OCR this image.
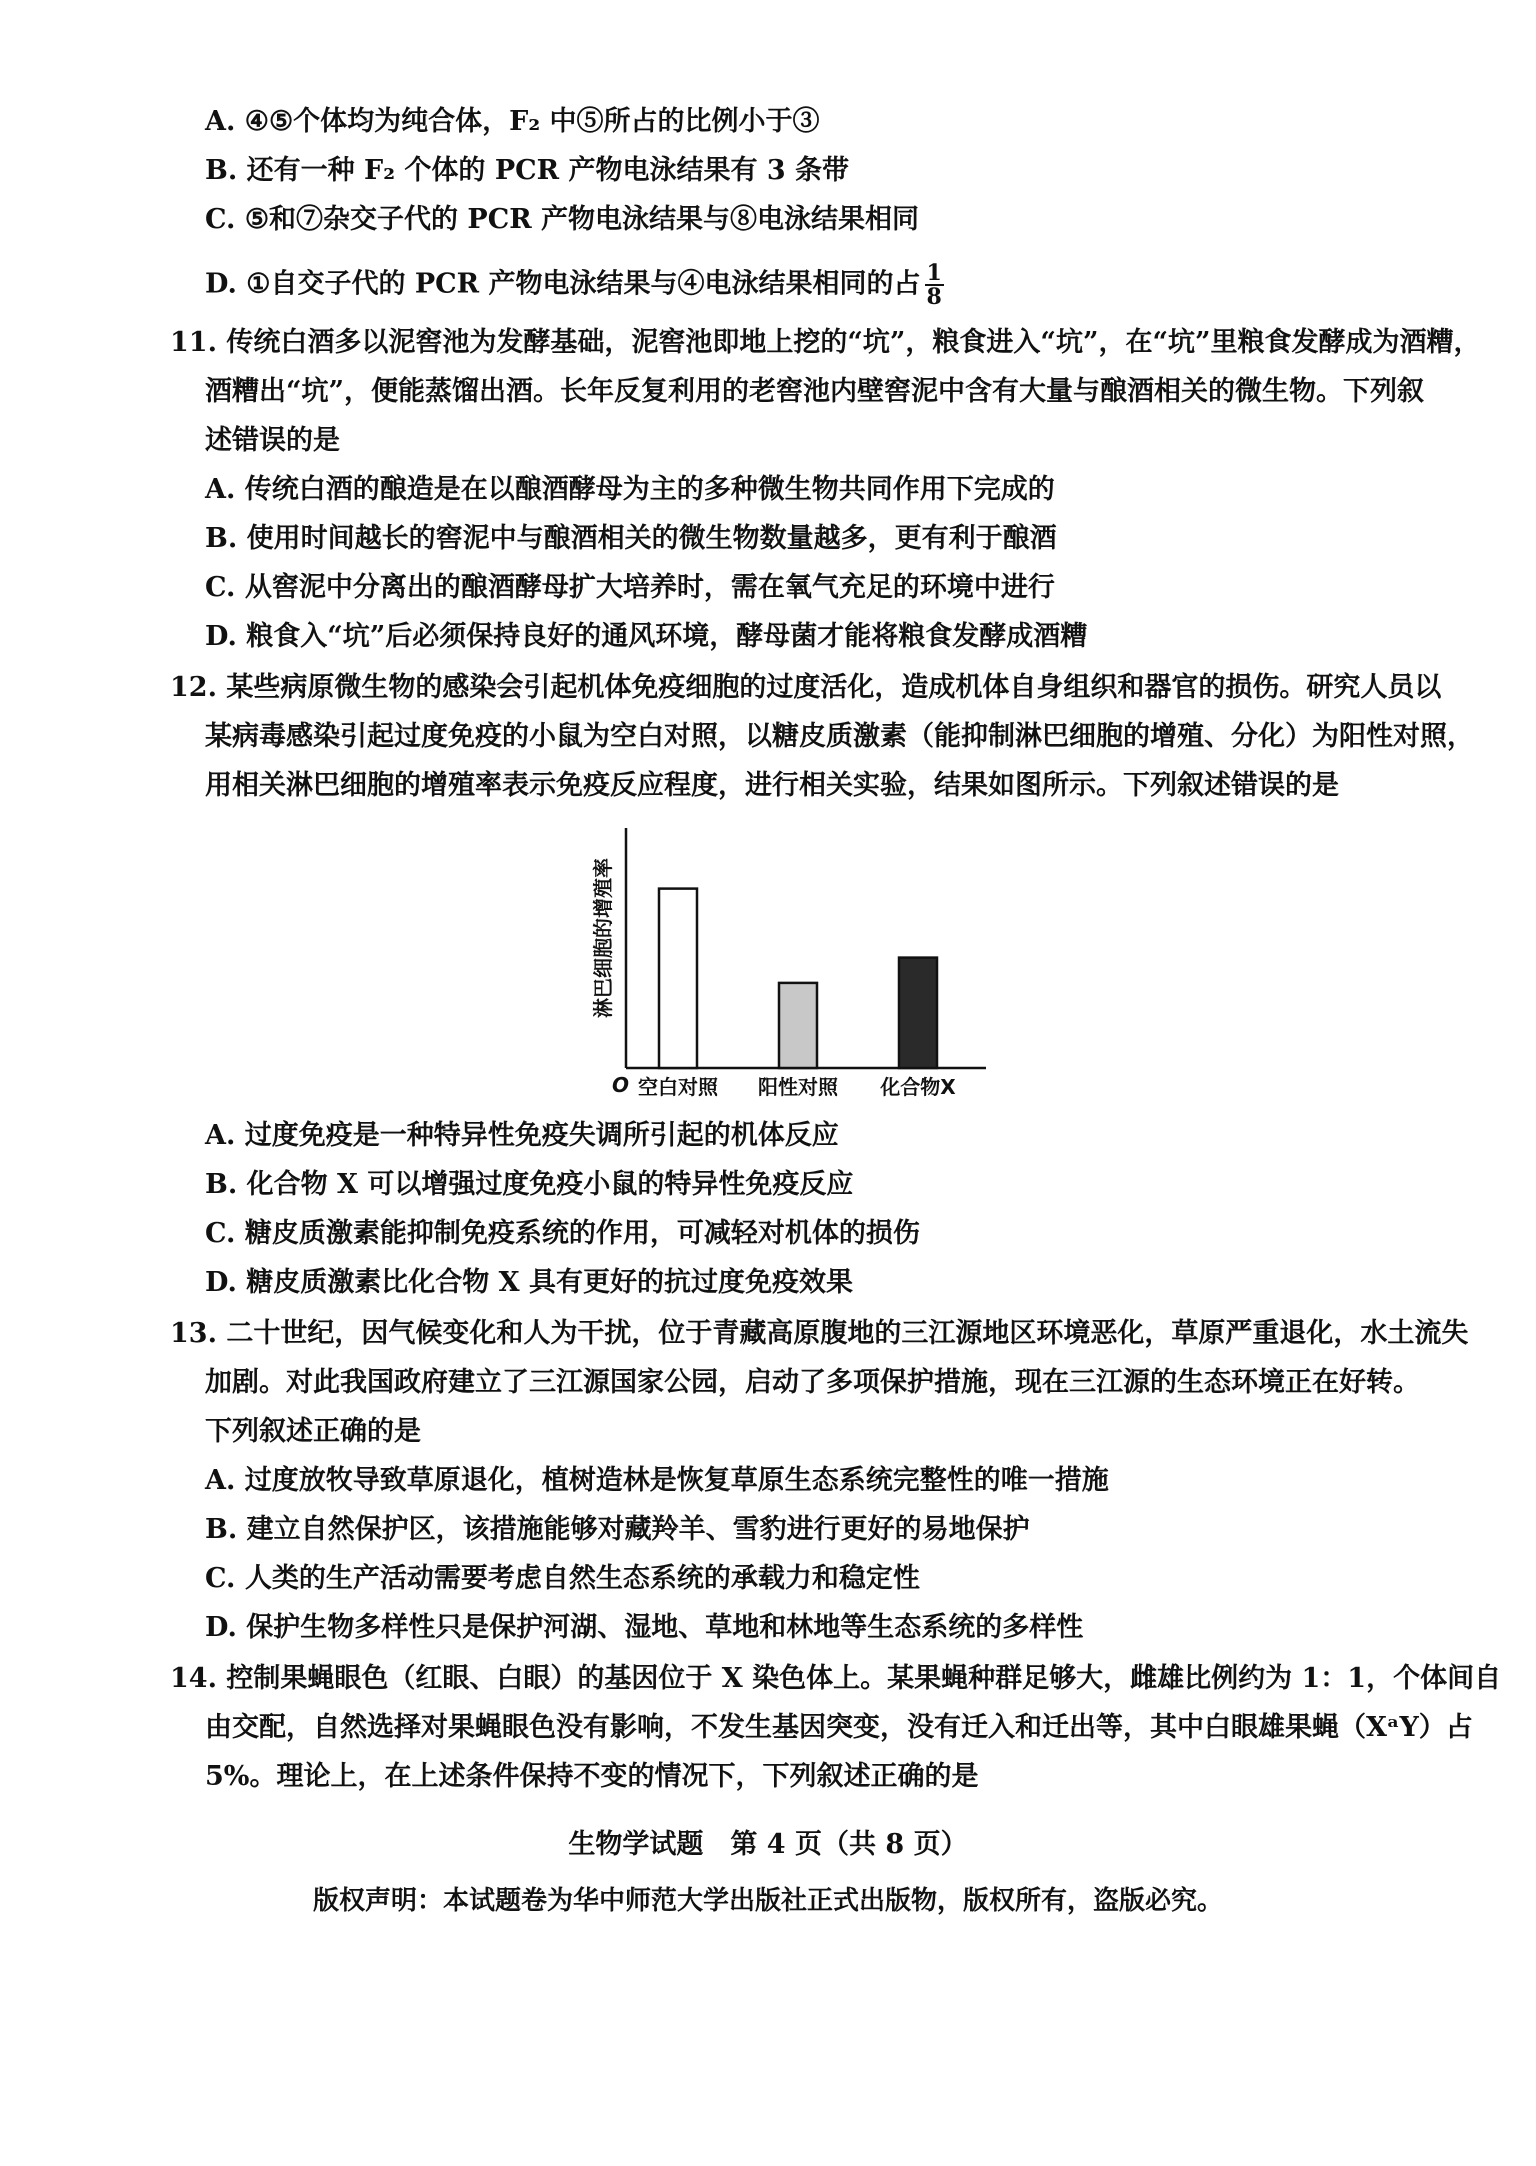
A. ④⑤个体均为纯合体，F₂ 中⑤所占的比例小于③
B. 还有一种 F₂ 个体的 PCR 产物电泳结果有 3 条带
C. ⑤和⑦杂交子代的 PCR 产物电泳结果与⑧电泳结果相同
D. ①自交子代的 PCR 产物电泳结果与④电泳结果相同的占 $\frac{1}{8}$
11. 传统白酒多以泥窖池为发酵基础，泥窖池即地上挖的“坑”，粮食进入“坑”，在“坑”里粮食发酵成为酒糟，
酒糟出“坑”，便能蒸馏出酒。长年反复利用的老窖池内壁窖泥中含有大量与酿酒相关的微生物。下列叙
述错误的是
A. 传统白酒的酿造是在以酿酒酵母为主的多种微生物共同作用下完成的
B. 使用时间越长的窖泥中与酿酒相关的微生物数量越多，更有利于酿酒
C. 从窖泥中分离出的酿酒酵母扩大培养时，需在氧气充足的环境中进行
D. 粮食入“坑”后必须保持良好的通风环境，酵母菌才能将粮食发酵成酒糟
12. 某些病原微生物的感染会引起机体免疫细胞的过度活化，造成机体自身组织和器官的损伤。研究人员以
某病毒感染引起过度免疫的小鼠为空白对照，以糖皮质激素（能抑制淋巴细胞的增殖、分化）为阳性对照，
用相关淋巴细胞的增殖率表示免疫反应程度，进行相关实验，结果如图所示。下列叙述错误的是
O
淋巴细胞的增殖率
空白对照 阳性对照 化合物X
A. 过度免疫是一种特异性免疫失调所引起的机体反应
B. 化合物 X 可以增强过度免疫小鼠的特异性免疫反应
C. 糖皮质激素能抑制免疫系统的作用，可减轻对机体的损伤
D. 糖皮质激素比化合物 X 具有更好的抗过度免疫效果
13. 二十世纪，因气候变化和人为干扰，位于青藏高原腹地的三江源地区环境恶化，草原严重退化，水土流失
加剧。对此我国政府建立了三江源国家公园，启动了多项保护措施，现在三江源的生态环境正在好转。
下列叙述正确的是
A. 过度放牧导致草原退化，植树造林是恢复草原生态系统完整性的唯一措施
B. 建立自然保护区，该措施能够对藏羚羊、雪豹进行更好的易地保护
C. 人类的生产活动需要考虑自然生态系统的承载力和稳定性
D. 保护生物多样性只是保护河湖、湿地、草地和林地等生态系统的多样性
14. 控制果蝇眼色（红眼、白眼）的基因位于 X 染色体上。某果蝇种群足够大，雌雄比例约为 1：1，个体间自
由交配，自然选择对果蝇眼色没有影响，不发生基因突变，没有迁入和迁出等，其中白眼雄果蝇（XᵃY）占
5%。理论上，在上述条件保持不变的情况下，下列叙述正确的是
生物学试题　第 4 页（共 8 页）
版权声明：本试题卷为华中师范大学出版社正式出版物，版权所有，盗版必究。
